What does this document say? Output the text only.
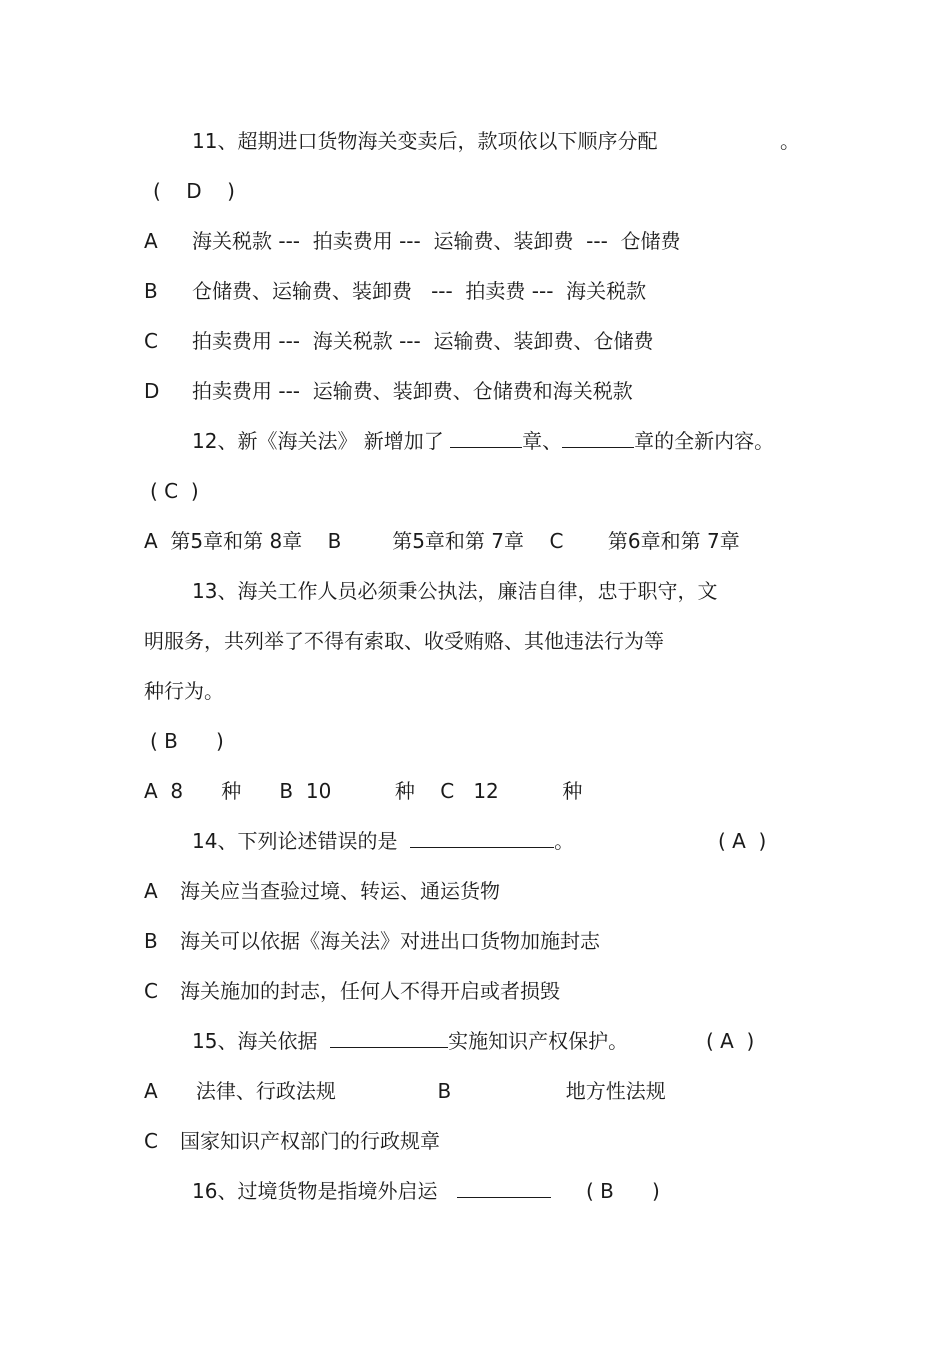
11、超期进口货物海关变卖后，款项依以下顺序分配	。
(    D    )
A 海关税款 ---  拍卖费用 ---  运输费、装卸费  ---  仓储费
B 仓储费、运输费、装卸费   ---  拍卖费 ---  海关税款
C 拍卖费用 ---  海关税款 ---  运输费、装卸费、仓储费
D 拍卖费用 ---  运输费、装卸费、仓储费和海关税款
12、新《海关法》 新增加了	章、	章的全新内容。
( C  )
A  第5章和第 8章    B        第5章和第 7章    C       第6章和第 7章
13、海关工作人员必须秉公执法，廉洁自律，忠于职守，文
明服务，共列举了不得有索取、收受贿赂、其他违法行为等
种行为。
( B      )
A  8      种      B  10          种    C   12          种
14、下列论述错误的是	。	( A  )
A 海关应当查验过境、转运、通运货物
B 海关可以依据《海关法》对进出口货物加施封志
C 海关施加的封志，任何人不得开启或者损毁
15、海关依据	实施知识产权保护。	( A  )
A      法律、行政法规                B                  地方性法规
C 国家知识产权部门的行政规章
16、过境货物是指境外启运	( B      )
